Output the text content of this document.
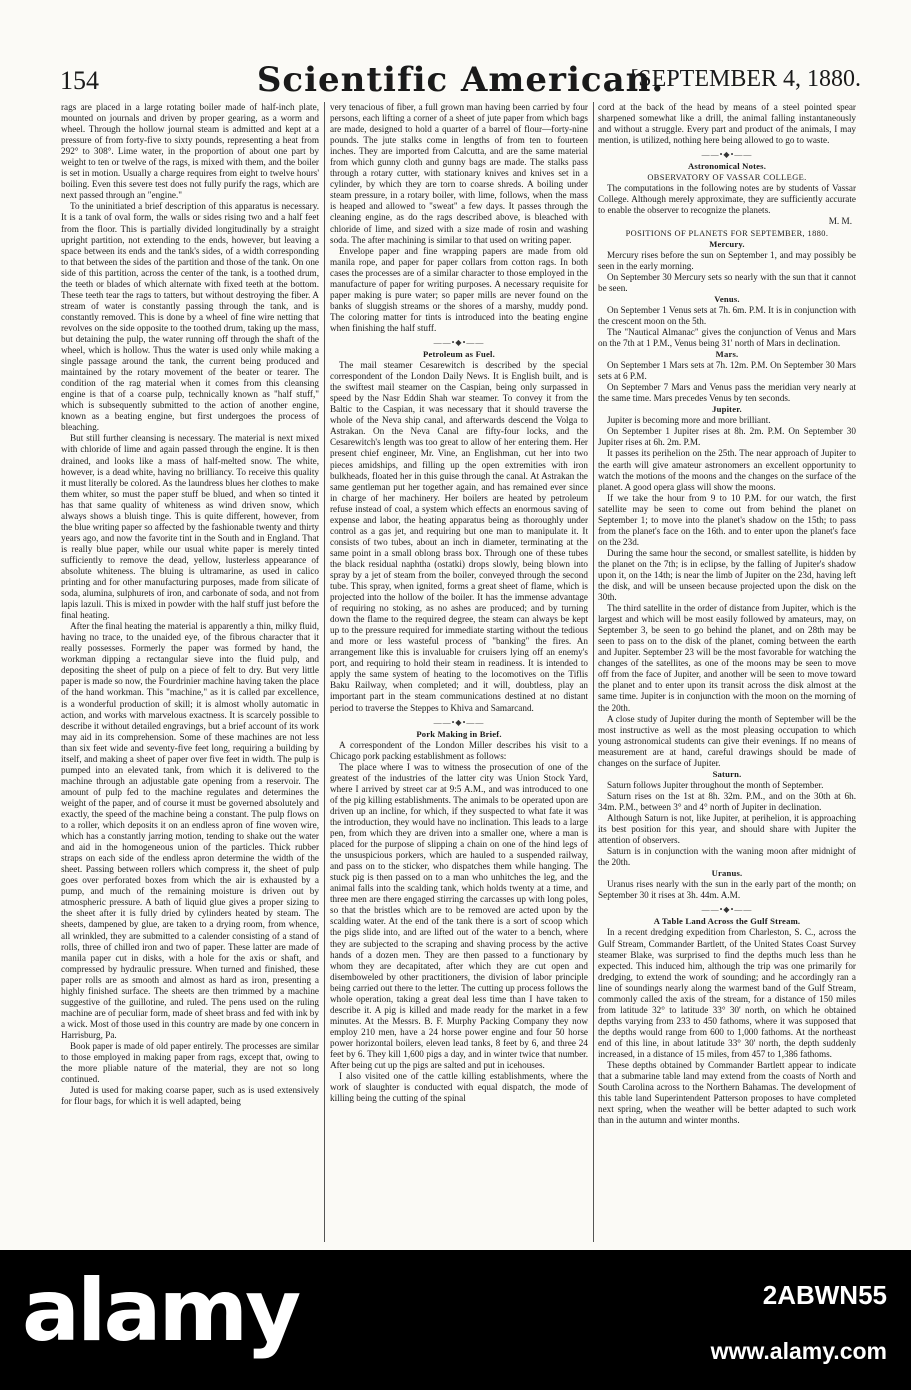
154	Scientific American.
[SEPTEMBER 4, 1880.

rags are placed in a large rotating boiler made of half-inch plate, mounted on journals and driven by proper gearing, as a worm and wheel. Through the hollow journal steam is admitted and kept at a pressure of from forty-five to sixty pounds, representing a heat from 292° to 308°. Lime water, in the proportion of about one part by weight to ten or twelve of the rags, is mixed with them, and the boiler is set in motion. Usually a charge requires from eight to twelve hours' boiling. Even this severe test does not fully purify the rags, which are next passed through an "engine."

To the uninitiated a brief description of this apparatus is necessary. It is a tank of oval form, the walls or sides rising two and a half feet from the floor. This is partially divided longitudinally by a straight upright partition, not extending to the ends, however, but leaving a space between its ends and the tank's sides, of a width corresponding to that between the sides of the partition and those of the tank. On one side of this partition, across the center of the tank, is a toothed drum, the teeth or blades of which alternate with fixed teeth at the bottom. These teeth tear the rags to tatters, but without destroying the fiber. A stream of water is constantly passing through the tank, and is constantly removed. This is done by a wheel of fine wire netting that revolves on the side opposite to the toothed drum, taking up the mass, but detaining the pulp, the water running off through the shaft of the wheel, which is hollow. Thus the water is used only while making a single passage around the tank, the current being produced and maintained by the rotary movement of the beater or tearer. The condition of the rag material when it comes from this cleansing engine is that of a coarse pulp, technically known as "half stuff," which is subsequently submitted to the action of another engine, known as a beating engine, but first undergoes the process of bleaching.

But still further cleansing is necessary. The material is next mixed with chloride of lime and again passed through the engine. It is then drained, and looks like a mass of half-melted snow. The white, however, is a dead white, having no brilliancy. To receive this quality it must literally be colored. As the laundress blues her clothes to make them whiter, so must the paper stuff be blued, and when so tinted it has that same quality of whiteness as wind driven snow, which always shows a bluish tinge. This is quite different, however, from the blue writing paper so affected by the fashionable twenty and thirty years ago, and now the favorite tint in the South and in England. That is really blue paper, while our usual white paper is merely tinted sufficiently to remove the dead, yellow, lusterless appearance of absolute whiteness. The bluing is ultramarine, as used in calico printing and for other manufacturing purposes, made from silicate of soda, alumina, sulphurets of iron, and carbonate of soda, and not from lapis lazuli. This is mixed in powder with the half stuff just before the final heating.

After the final heating the material is apparently a thin, milky fluid, having no trace, to the unaided eye, of the fibrous character that it really possesses. Formerly the paper was formed by hand, the workman dipping a rectangular sieve into the fluid pulp, and depositing the sheet of pulp on a piece of felt to dry. But very little paper is made so now, the Fourdrinier machine having taken the place of the hand workman. This "machine," as it is called par excellence, is a wonderful production of skill; it is almost wholly automatic in action, and works with marvelous exactness. It is scarcely possible to describe it without detailed engravings, but a brief account of its work may aid in its comprehension. Some of these machines are not less than six feet wide and seventy-five feet long, requiring a building by itself, and making a sheet of paper over five feet in width. The pulp is pumped into an elevated tank, from which it is delivered to the machine through an adjustable gate opening from a reservoir. The amount of pulp fed to the machine regulates and determines the weight of the paper, and of course it must be governed absolutely and exactly, the speed of the machine being a constant. The pulp flows on to a roller, which deposits it on an endless apron of fine woven wire, which has a constantly jarring motion, tending to shake out the water and aid in the homogeneous union of the particles. Thick rubber straps on each side of the endless apron determine the width of the sheet. Passing between rollers which compress it, the sheet of pulp goes over perforated boxes from which the air is exhausted by a pump, and much of the remaining moisture is driven out by atmospheric pressure. A bath of liquid glue gives a proper sizing to the sheet after it is fully dried by cylinders heated by steam. The sheets, dampened by glue, are taken to a drying room, from whence, all wrinkled, they are submitted to a calender consisting of a stand of rolls, three of chilled iron and two of paper. These latter are made of manila paper cut in disks, with a hole for the axis or shaft, and compressed by hydraulic pressure. When turned and finished, these paper rolls are as smooth and almost as hard as iron, presenting a highly finished surface. The sheets are then trimmed by a machine suggestive of the guillotine, and ruled. The pens used on the ruling machine are of peculiar form, made of sheet brass and fed with ink by a wick. Most of those used in this country are made by one concern in Harrisburg, Pa.

Book paper is made of old paper entirely. The processes are similar to those employed in making paper from rags, except that, owing to the more pliable nature of the material, they are not so long continued.

Juted is used for making coarse paper, such as is used extensively for flour bags, for which it is well adapted, being

very tenacious of fiber, a full grown man having been carried by four persons, each lifting a corner of a sheet of jute paper from which bags are made, designed to hold a quarter of a barrel of flour—forty-nine pounds. The jute stalks come in lengths of from ten to fourteen inches. They are imported from Calcutta, and are the same material from which gunny cloth and gunny bags are made. The stalks pass through a rotary cutter, with stationary knives and knives set in a cylinder, by which they are torn to coarse shreds. A boiling under steam pressure, in a rotary boiler, with lime, follows, when the mass is heaped and allowed to "sweat" a few days. It passes through the cleaning engine, as do the rags described above, is bleached with chloride of lime, and sized with a size made of rosin and washing soda. The after machining is similar to that used on writing paper.

Envelope paper and fine wrapping papers are made from old manila rope, and paper for paper collars from cotton rags. In both cases the processes are of a similar character to those employed in the manufacture of paper for writing purposes. A necessary requisite for paper making is pure water; so paper mills are never found on the banks of sluggish streams or the shores of a marshy, muddy pond. The coloring matter for tints is introduced into the beating engine when finishing the half stuff.

——•◆•——

Petroleum as Fuel.

The mail steamer Cesarewitch is described by the special correspondent of the London Daily News. It is English built, and is the swiftest mail steamer on the Caspian, being only surpassed in speed by the Nasr Eddin Shah war steamer. To convey it from the Baltic to the Caspian, it was necessary that it should traverse the whole of the Neva ship canal, and afterwards descend the Volga to Astrakan. On the Neva Canal are fifty-four locks, and the Cesarewitch's length was too great to allow of her entering them. Her present chief engineer, Mr. Vine, an Englishman, cut her into two pieces amidships, and filling up the open extremities with iron bulkheads, floated her in this guise through the canal. At Astrakan the same gentleman put her together again, and has remained ever since in charge of her machinery. Her boilers are heated by petroleum refuse instead of coal, a system which effects an enormous saving of expense and labor, the heating apparatus being as thoroughly under control as a gas jet, and requiring but one man to manipulate it. It consists of two tubes, about an inch in diameter, terminating at the same point in a small oblong brass box. Through one of these tubes the black residual naphtha (ostatki) drops slowly, being blown into spray by a jet of steam from the boiler, conveyed through the second tube. This spray, when ignited, forms a great sheet of flame, which is projected into the hollow of the boiler. It has the immense advantage of requiring no stoking, as no ashes are produced; and by turning down the flame to the required degree, the steam can always be kept up to the pressure required for immediate starting without the tedious and more or less wasteful process of "banking" the fires. An arrangement like this is invaluable for cruisers lying off an enemy's port, and requiring to hold their steam in readiness. It is intended to apply the same system of heating to the locomotives on the Tiflis Baku Railway, when completed; and it will, doubtless, play an important part in the steam communications destined at no distant period to traverse the Steppes to Khiva and Samarcand.

——•◆•——

Pork Making in Brief.

A correspondent of the London Miller describes his visit to a Chicago pork packing establishment as follows:

The place where I was to witness the prosecution of one of the greatest of the industries of the latter city was Union Stock Yard, where I arrived by street car at 9:5 A.M., and was introduced to one of the pig killing establishments. The animals to be operated upon are driven up an incline, for which, if they suspected to what fate it was the introduction, they would have no inclination. This leads to a large pen, from which they are driven into a smaller one, where a man is placed for the purpose of slipping a chain on one of the hind legs of the unsuspicious porkers, which are hauled to a suspended railway, and pass on to the sticker, who dispatches them while hanging. The stuck pig is then passed on to a man who unhitches the leg, and the animal falls into the scalding tank, which holds twenty at a time, and three men are there engaged stirring the carcasses up with long poles, so that the bristles which are to be removed are acted upon by the scalding water. At the end of the tank there is a sort of scoop which the pigs slide into, and are lifted out of the water to a bench, where they are subjected to the scraping and shaving process by the active hands of a dozen men. They are then passed to a functionary by whom they are decapitated, after which they are cut open and disemboweled by other practitioners, the division of labor principle being carried out there to the letter. The cutting up process follows the whole operation, taking a great deal less time than I have taken to describe it. A pig is killed and made ready for the market in a few minutes. At the Messrs. B. F. Murphy Packing Company they now employ 210 men, have a 24 horse power engine and four 50 horse power horizontal boilers, eleven lead tanks, 8 feet by 6, and three 24 feet by 6. They kill 1,600 pigs a day, and in winter twice that number. After being cut up the pigs are salted and put in icehouses.

I also visited one of the cattle killing establishments, where the work of slaughter is conducted with equal dispatch, the mode of killing being the cutting of the spinal

cord at the back of the head by means of a steel pointed spear sharpened somewhat like a drill, the animal falling instantaneously and without a struggle. Every part and product of the animals, I may mention, is utilized, nothing here being allowed to go to waste.

——•◆•——

Astronomical Notes.

OBSERVATORY OF VASSAR COLLEGE.

The computations in the following notes are by students of Vassar College. Although merely approximate, they are sufficiently accurate to enable the observer to recognize the planets.

M. M.

POSITIONS OF PLANETS FOR SEPTEMBER, 1880.

Mercury.

Mercury rises before the sun on September 1, and may possibly be seen in the early morning.

On September 30 Mercury sets so nearly with the sun that it cannot be seen.

Venus.

On September 1 Venus sets at 7h. 6m. P.M. It is in conjunction with the crescent moon on the 5th.

The "Nautical Almanac" gives the conjunction of Venus and Mars on the 7th at 1 P.M., Venus being 31' north of Mars in declination.

Mars.

On September 1 Mars sets at 7h. 12m. P.M. On September 30 Mars sets at 6 P.M.

On September 7 Mars and Venus pass the meridian very nearly at the same time. Mars precedes Venus by ten seconds.

Jupiter.

Jupiter is becoming more and more brilliant.

On September 1 Jupiter rises at 8h. 2m. P.M. On September 30 Jupiter rises at 6h. 2m. P.M.

It passes its perihelion on the 25th. The near approach of Jupiter to the earth will give amateur astronomers an excellent opportunity to watch the motions of the moons and the changes on the surface of the planet. A good opera glass will show the moons.

If we take the hour from 9 to 10 P.M. for our watch, the first satellite may be seen to come out from behind the planet on September 1; to move into the planet's shadow on the 15th; to pass from the planet's face on the 16th. and to enter upon the planet's face on the 23d.

During the same hour the second, or smallest satellite, is hidden by the planet on the 7th; is in eclipse, by the falling of Jupiter's shadow upon it, on the 14th; is near the limb of Jupiter on the 23d, having left the disk, and will be unseen because projected upon the disk on the 30th.

The third satellite in the order of distance from Jupiter, which is the largest and which will be most easily followed by amateurs, may, on September 3, be seen to go behind the planet, and on 28th may be seen to pass on to the disk of the planet, coming between the earth and Jupiter. September 23 will be the most favorable for watching the changes of the satellites, as one of the moons may be seen to move off from the face of Jupiter, and another will be seen to move toward the planet and to enter upon its transit across the disk almost at the same time. Jupiter is in conjunction with the moon on the morning of the 20th.

A close study of Jupiter during the month of September will be the most instructive as well as the most pleasing occupation to which young astronomical students can give their evenings. If no means of measurement are at hand, careful drawings should be made of changes on the surface of Jupiter.

Saturn.

Saturn follows Jupiter throughout the month of September.

Saturn rises on the 1st at 8h. 32m. P.M., and on the 30th at 6h. 34m. P.M., between 3° and 4° north of Jupiter in declination.

Although Saturn is not, like Jupiter, at perihelion, it is approaching its best position for this year, and should share with Jupiter the attention of observers.

Saturn is in conjunction with the waning moon after midnight of the 20th.

Uranus.

Uranus rises nearly with the sun in the early part of the month; on September 30 it rises at 3h. 44m. A.M.

——•◆•——

A Table Land Across the Gulf Stream.

In a recent dredging expedition from Charleston, S. C., across the Gulf Stream, Commander Bartlett, of the United States Coast Survey steamer Blake, was surprised to find the depths much less than he expected. This induced him, although the trip was one primarily for dredging, to extend the work of sounding; and he accordingly ran a line of soundings nearly along the warmest band of the Gulf Stream, commonly called the axis of the stream, for a distance of 150 miles from latitude 32° to latitude 33° 30' north, on which he obtained depths varying from 233 to 450 fathoms, where it was supposed that the depths would range from 600 to 1,000 fathoms. At the northeast end of this line, in about latitude 33° 30' north, the depth suddenly increased, in a distance of 15 miles, from 457 to 1,386 fathoms.

These depths obtained by Commander Bartlett appear to indicate that a submarine table land may extend from the coasts of North and South Carolina across to the Northern Bahamas. The development of this table land Superintendent Patterson proposes to have completed next spring, when the weather will be better adapted to such work than in the autumn and winter months.

alamy	2ABWN55
www.alamy.com
